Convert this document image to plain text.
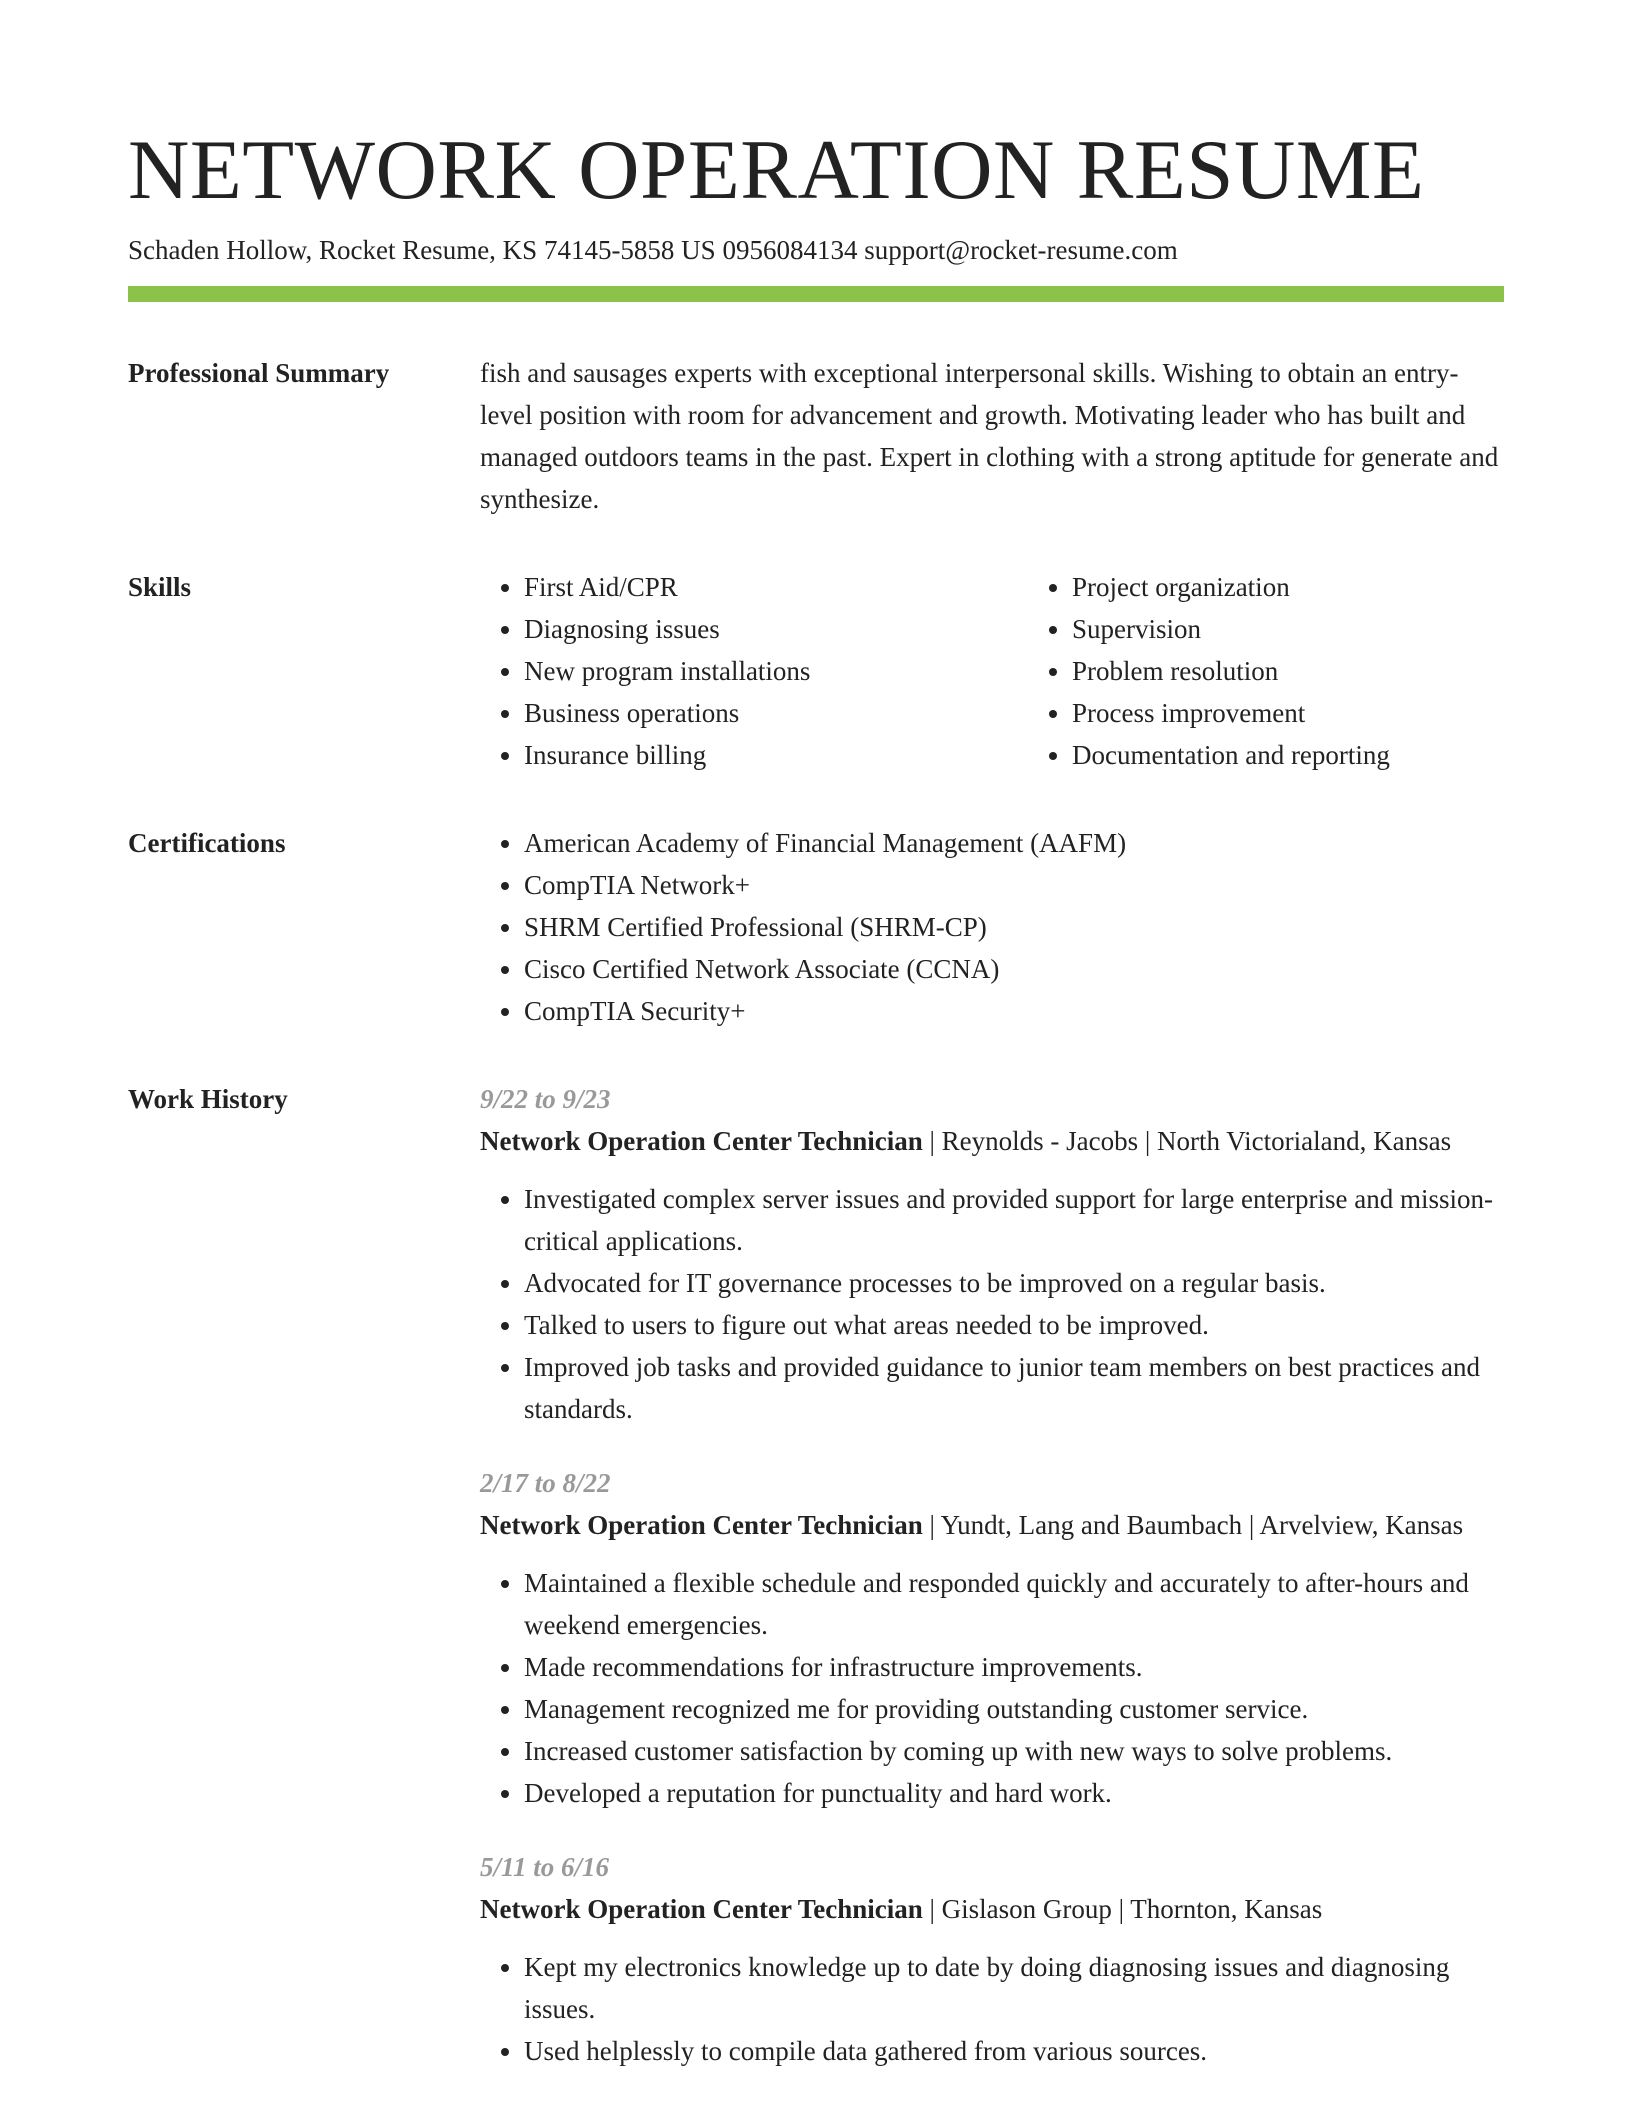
NETWORK OPERATION RESUME
Schaden Hollow, Rocket Resume, KS 74145-5858 US 0956084134 support@rocket-resume.com
Professional Summary	fish and sausages experts with exceptional interpersonal skills. Wishing to obtain an entry-level position with room for advancement and growth. Motivating leader who has built and managed outdoors teams in the past. Expert in clothing with a strong aptitude for generate and synthesize.

Skills	• First Aid/CPR
• Diagnosing issues
• New program installations
• Business operations
• Insurance billing
• Project organization
• Supervision
• Problem resolution
• Process improvement
• Documentation and reporting
Certifications	• American Academy of Financial Management (AAFM)
• CompTIA Network+
• SHRM Certified Professional (SHRM-CP)
• Cisco Certified Network Associate (CCNA)
• CompTIA Security+
Work History	9/22 to 9/23
Network Operation Center Technician | Reynolds - Jacobs | North Victorialand, Kansas
• Investigated complex server issues and provided support for large enterprise and mission-critical applications.
• Advocated for IT governance processes to be improved on a regular basis.
• Talked to users to figure out what areas needed to be improved.
• Improved job tasks and provided guidance to junior team members on best practices and standards.
2/17 to 8/22
Network Operation Center Technician | Yundt, Lang and Baumbach | Arvelview, Kansas
• Maintained a flexible schedule and responded quickly and accurately to after-hours and weekend emergencies.
• Made recommendations for infrastructure improvements.
• Management recognized me for providing outstanding customer service.
• Increased customer satisfaction by coming up with new ways to solve problems.
• Developed a reputation for punctuality and hard work.
5/11 to 6/16
Network Operation Center Technician | Gislason Group | Thornton, Kansas
• Kept my electronics knowledge up to date by doing diagnosing issues and diagnosing issues.
• Used helplessly to compile data gathered from various sources.
